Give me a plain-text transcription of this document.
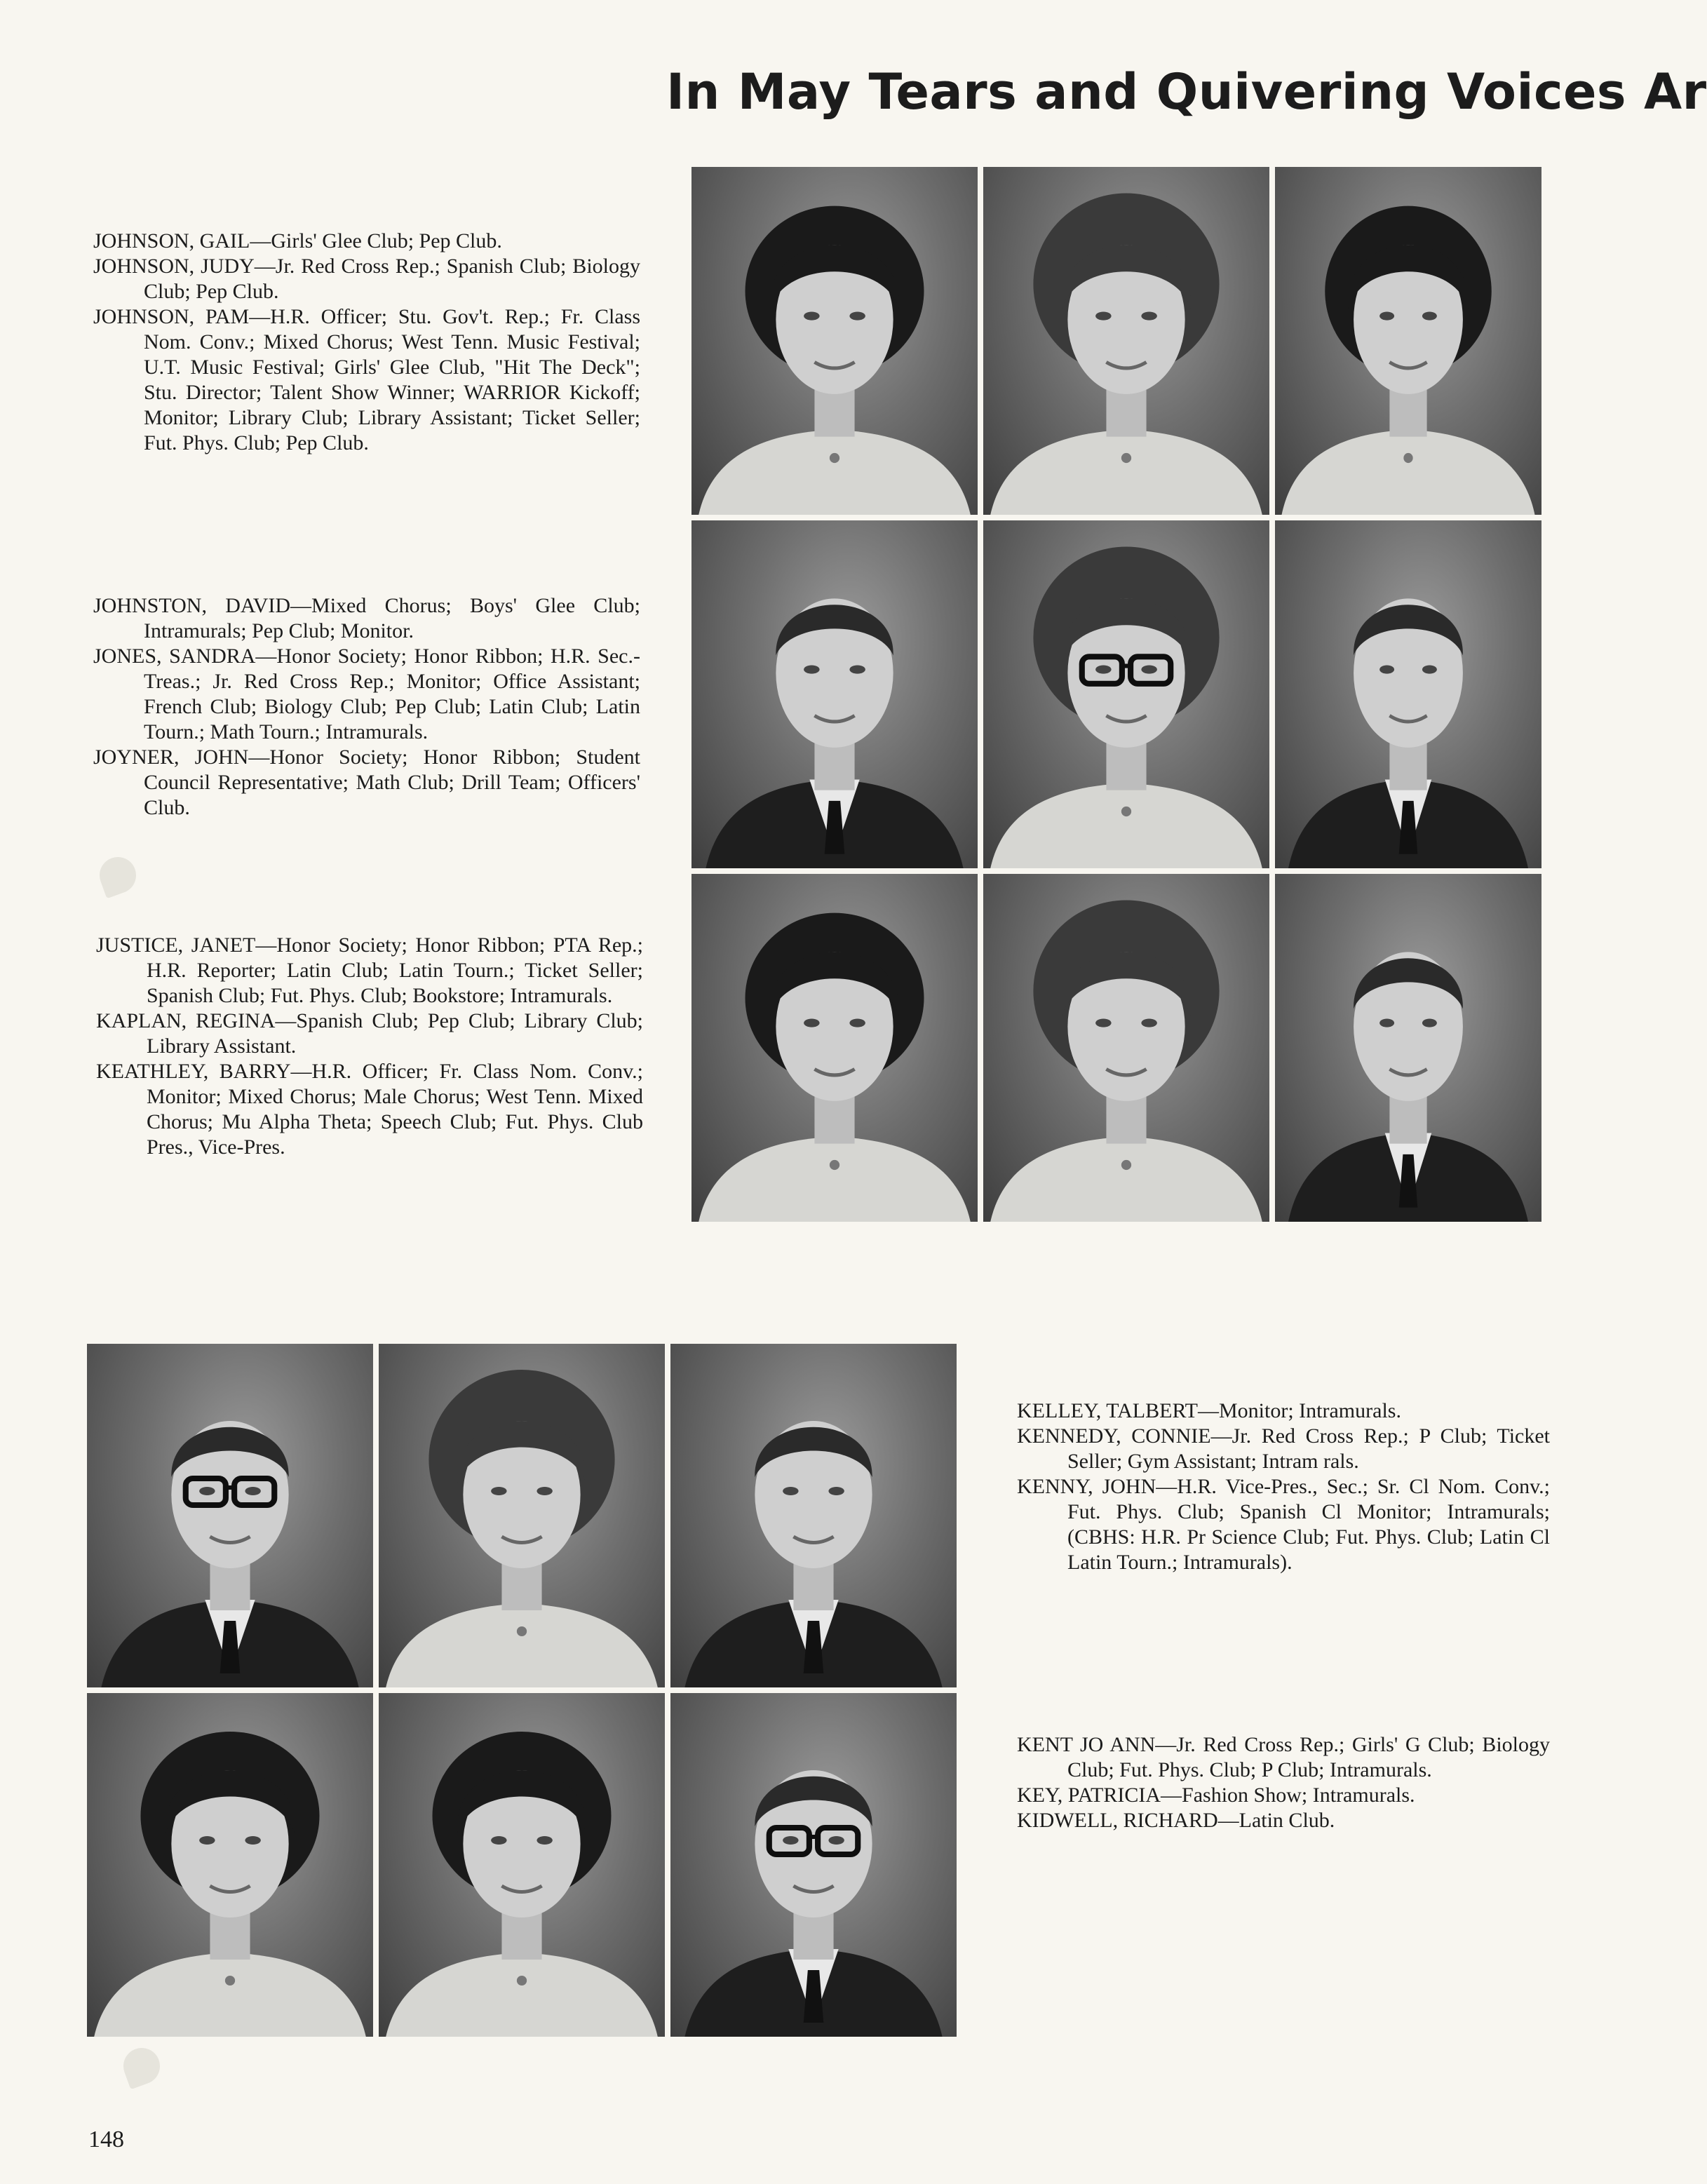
In May Tears and Quivering Voices Ar

JOHNSON, GAIL—Girls' Glee Club; Pep Club.

JOHNSON, JUDY—Jr. Red Cross Rep.; Spanish Club; Biology Club; Pep Club.

JOHNSON, PAM—H.R. Officer; Stu. Gov't. Rep.; Fr. Class Nom. Conv.; Mixed Chorus; West Tenn. Music Festival; U.T. Music Festival; Girls' Glee Club, "Hit The Deck"; Stu. Director; Talent Show Winner; WARRIOR Kickoff; Monitor; Library Club; Library Assistant; Ticket Seller; Fut. Phys. Club; Pep Club.

JOHNSTON, DAVID—Mixed Chorus; Boys' Glee Club; Intramurals; Pep Club; Monitor.

JONES, SANDRA—Honor Society; Honor Ribbon; H.R. Sec.-Treas.; Jr. Red Cross Rep.; Monitor; Office Assistant; French Club; Biology Club; Pep Club; Latin Club; Latin Tourn.; Math Tourn.; Intramurals.

JOYNER, JOHN—Honor Society; Honor Ribbon; Student Council Representative; Math Club; Drill Team; Officers' Club.

JUSTICE, JANET—Honor Society; Honor Ribbon; PTA Rep.; H.R. Reporter; Latin Club; Latin Tourn.; Ticket Seller; Spanish Club; Fut. Phys. Club; Bookstore; Intramurals.

KAPLAN, REGINA—Spanish Club; Pep Club; Library Club; Library Assistant.

KEATHLEY, BARRY—H.R. Officer; Fr. Class Nom. Conv.; Monitor; Mixed Chorus; Male Chorus; West Tenn. Mixed Chorus; Mu Alpha Theta; Speech Club; Fut. Phys. Club Pres., Vice-Pres.

KELLEY, TALBERT—Monitor; Intramurals.

KENNEDY, CONNIE—Jr. Red Cross Rep.; P Club; Ticket Seller; Gym Assistant; Intram rals.

KENNY, JOHN—H.R. Vice-Pres., Sec.; Sr. Cl Nom. Conv.; Fut. Phys. Club; Spanish Cl Monitor; Intramurals; (CBHS: H.R. Pr Science Club; Fut. Phys. Club; Latin Cl Latin Tourn.; Intramurals).

KENT JO ANN—Jr. Red Cross Rep.; Girls' G Club; Biology Club; Fut. Phys. Club; P Club; Intramurals.

KEY, PATRICIA—Fashion Show; Intramurals.

KIDWELL, RICHARD—Latin Club.

148
